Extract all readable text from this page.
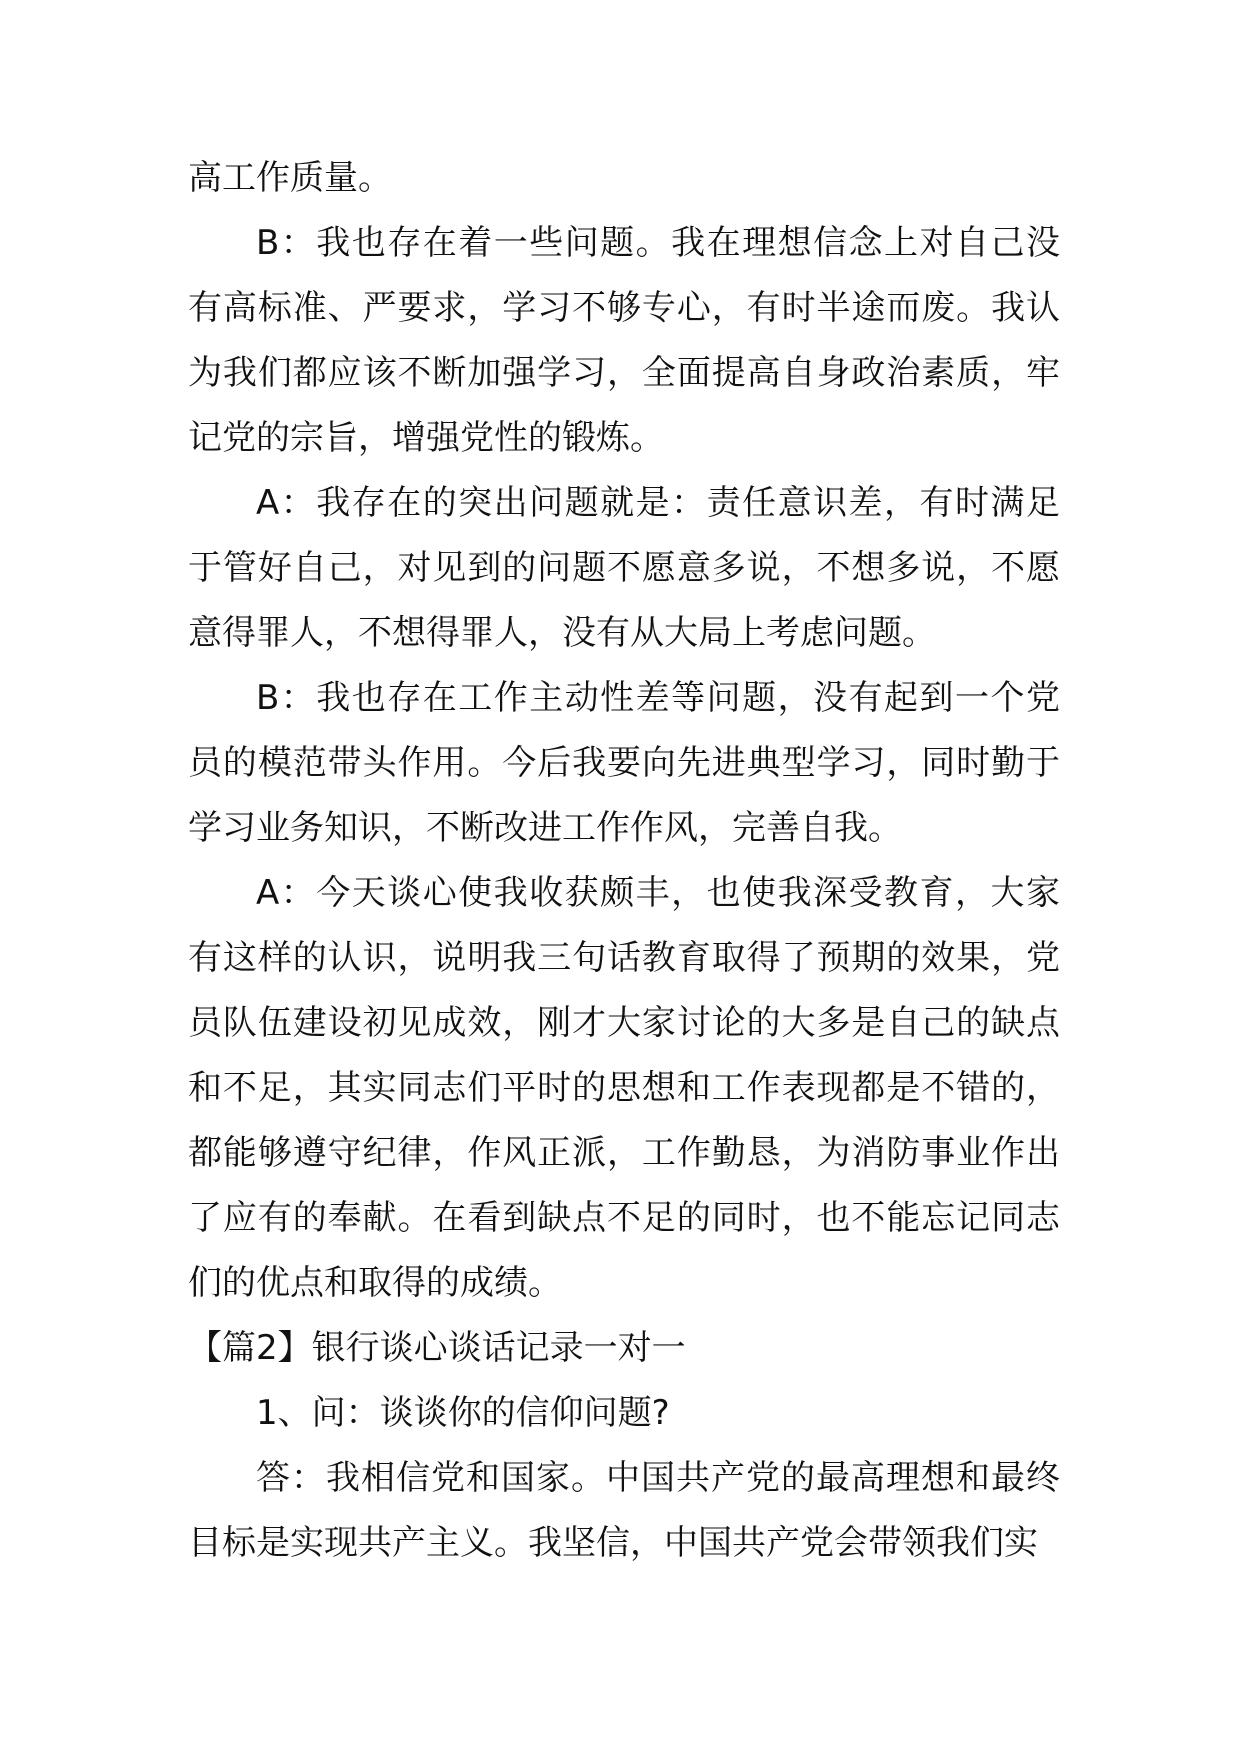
高工作质量。

B：我也存在着一些问题。我在理想信念上对自己没有高标准、严要求，学习不够专心，有时半途而废。我认为我们都应该不断加强学习，全面提高自身政治素质，牢记党的宗旨，增强党性的锻炼。

A：我存在的突出问题就是：责任意识差，有时满足于管好自己，对见到的问题不愿意多说，不想多说，不愿意得罪人，不想得罪人，没有从大局上考虑问题。

B：我也存在工作主动性差等问题，没有起到一个党员的模范带头作用。今后我要向先进典型学习，同时勤于学习业务知识，不断改进工作作风，完善自我。

A：今天谈心使我收获颇丰，也使我深受教育，大家有这样的认识，说明我三句话教育取得了预期的效果，党员队伍建设初见成效，刚才大家讨论的大多是自己的缺点和不足，其实同志们平时的思想和工作表现都是不错的，都能够遵守纪律，作风正派，工作勤恳，为消防事业作出了应有的奉献。在看到缺点不足的同时，也不能忘记同志们的优点和取得的成绩。

【篇2】银行谈心谈话记录一对一

1、问：谈谈你的信仰问题?

答：我相信党和国家。中国共产党的最高理想和最终目标是实现共产主义。我坚信，中国共产党会带领我们实
